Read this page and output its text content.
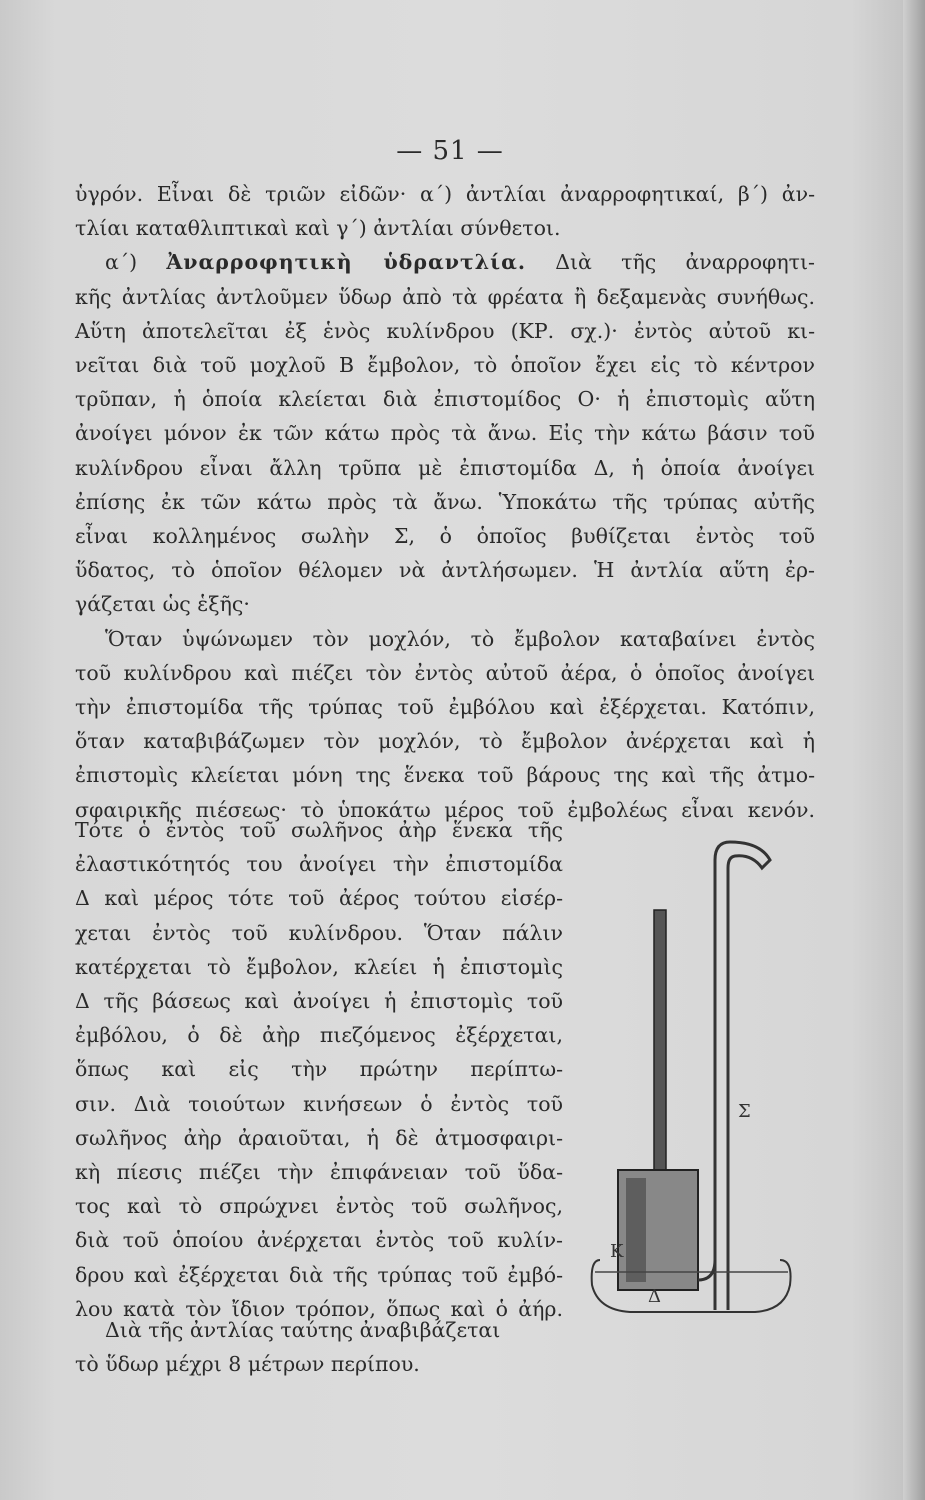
— 51 —
ὑγρόν. Εἶναι δὲ τριῶν εἰδῶν· α΄) ἀντλίαι ἀναρροφητικαί, β΄) ἀν-
τλίαι καταθλιπτικαὶ καὶ γ΄) ἀντλίαι σύνθετοι.
α΄) Ἀναρροφητικὴ ὑδραντλία. Διὰ τῆς ἀναρροφητι-
κῆς ἀντλίας ἀντλοῦμεν ὕδωρ ἀπὸ τὰ φρέατα ἢ δεξαμενὰς συνήθως.
Αὕτη ἀποτελεῖται ἐξ ἑνὸς κυλίνδρου (ΚΡ. σχ.)· ἐντὸς αὐτοῦ κι-
νεῖται διὰ τοῦ μοχλοῦ Β ἔμβολον, τὸ ὁποῖον ἔχει εἰς τὸ κέντρον
τρῦπαν, ἡ ὁποία κλείεται διὰ ἐπιστομίδος Ο· ἡ ἐπιστομὶς αὕτη
ἀνοίγει μόνον ἐκ τῶν κάτω πρὸς τὰ ἄνω. Εἰς τὴν κάτω βάσιν τοῦ
κυλίνδρου εἶναι ἄλλη τρῦπα μὲ ἐπιστομίδα Δ, ἡ ὁποία ἀνοίγει
ἐπίσης ἐκ τῶν κάτω πρὸς τὰ ἄνω. Ὑποκάτω τῆς τρύπας αὐτῆς
εἶναι κολλημένος σωλὴν Σ, ὁ ὁποῖος βυθίζεται ἐντὸς τοῦ
ὕδατος, τὸ ὁποῖον θέλομεν νὰ ἀντλήσωμεν. Ἡ ἀντλία αὕτη ἐρ-
γάζεται ὡς ἑξῆς·
Ὅταν ὑψώνωμεν τὸν μοχλόν, τὸ ἔμβολον καταβαίνει ἐντὸς
τοῦ κυλίνδρου καὶ πιέζει τὸν ἐντὸς αὐτοῦ ἀέρα, ὁ ὁποῖος ἀνοίγει
τὴν ἐπιστομίδα τῆς τρύπας τοῦ ἐμβόλου καὶ ἐξέρχεται. Κατόπιν,
ὅταν καταβιβάζωμεν τὸν μοχλόν, τὸ ἔμβολον ἀνέρχεται καὶ ἡ
ἐπιστομὶς κλείεται μόνη της ἕνεκα τοῦ βάρους της καὶ τῆς ἀτμο-
σφαιρικῆς πιέσεως· τὸ ὑποκάτω μέρος τοῦ ἐμβολέως εἶναι κενόν.
Τότε ὁ ἐντὸς τοῦ σωλῆνος ἀὴρ ἕνεκα τῆς
ἐλαστικότητός του ἀνοίγει τὴν ἐπιστομίδα
Δ καὶ μέρος τότε τοῦ ἀέρος τούτου εἰσέρ-
χεται ἐντὸς τοῦ κυλίνδρου. Ὅταν πάλιν
κατέρχεται τὸ ἔμβολον, κλείει ἡ ἐπιστομὶς
Δ τῆς βάσεως καὶ ἀνοίγει ἡ ἐπιστομὶς τοῦ
ἐμβόλου, ὁ δὲ ἀὴρ πιεζόμενος ἐξέρχεται,
ὅπως καὶ εἰς τὴν πρώτην περίπτω-
σιν. Διὰ τοιούτων κινήσεων ὁ ἐντὸς τοῦ
σωλῆνος ἀὴρ ἀραιοῦται, ἡ δὲ ἀτμοσφαιρι-
κὴ πίεσις πιέζει τὴν ἐπιφάνειαν τοῦ ὕδα-
τος καὶ τὸ σπρώχνει ἐντὸς τοῦ σωλῆνος,
διὰ τοῦ ὁποίου ἀνέρχεται ἐντὸς τοῦ κυλίν-
δρου καὶ ἐξέρχεται διὰ τῆς τρύπας τοῦ ἐμβό-
λου κατὰ τὸν ἴδιον τρόπον, ὅπως καὶ ὁ ἀήρ.
Διὰ τῆς ἀντλίας ταύτης ἀναβιβάζεται
τὸ ὕδωρ μέχρι 8 μέτρων περίπου.
Σ
Κ
Δ
